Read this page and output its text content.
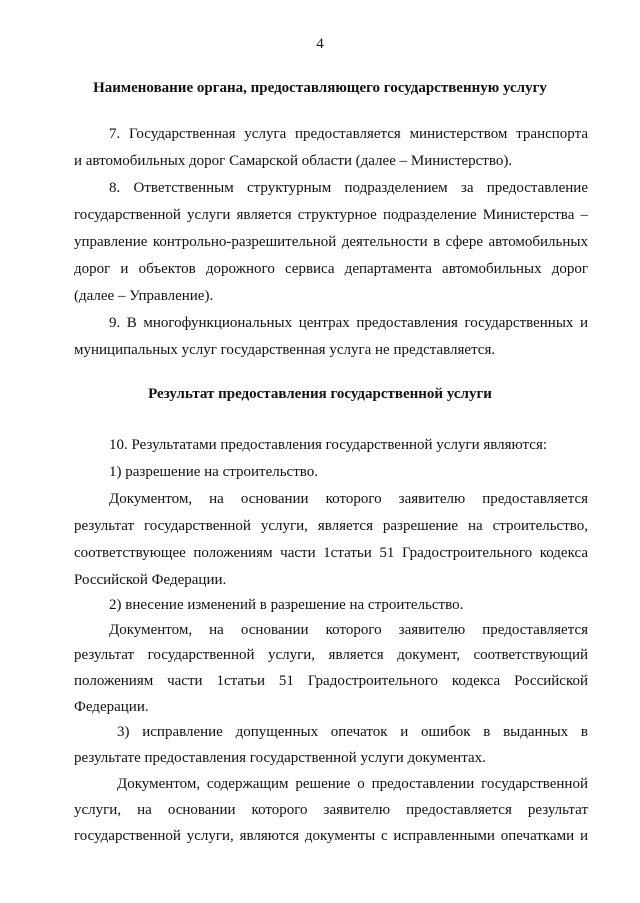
4
Наименование органа, предоставляющего государственную услугу
7. Государственная услуга предоставляется министерством транспорта
и автомобильных дорог Самарской области (далее – Министерство).
8. Ответственным структурным подразделением за предоставление
государственной услуги является структурное подразделение Министерства –
управление контрольно-разрешительной деятельности в сфере автомобильных
дорог и объектов дорожного сервиса департамента автомобильных дорог
(далее – Управление).
9. В многофункциональных центрах предоставления государственных и
муниципальных услуг государственная услуга не представляется.
Результат предоставления государственной услуги
10. Результатами предоставления государственной услуги являются:
1) разрешение на строительство.
Документом, на основании которого заявителю предоставляется
результат государственной услуги, является разрешение на строительство,
соответствующее положениям части 1статьи 51 Градостроительного кодекса
Российской Федерации.
2) внесение изменений в разрешение на строительство.
Документом, на основании которого заявителю предоставляется
результат государственной услуги, является документ, соответствующий
положениям части 1статьи 51 Градостроительного кодекса Российской
Федерации.
3) исправление допущенных опечаток и ошибок в выданных в
результате предоставления государственной услуги документах.
Документом, содержащим решение о предоставлении государственной
услуги, на основании которого заявителю предоставляется результат
государственной услуги, являются документы с исправленными опечатками и
